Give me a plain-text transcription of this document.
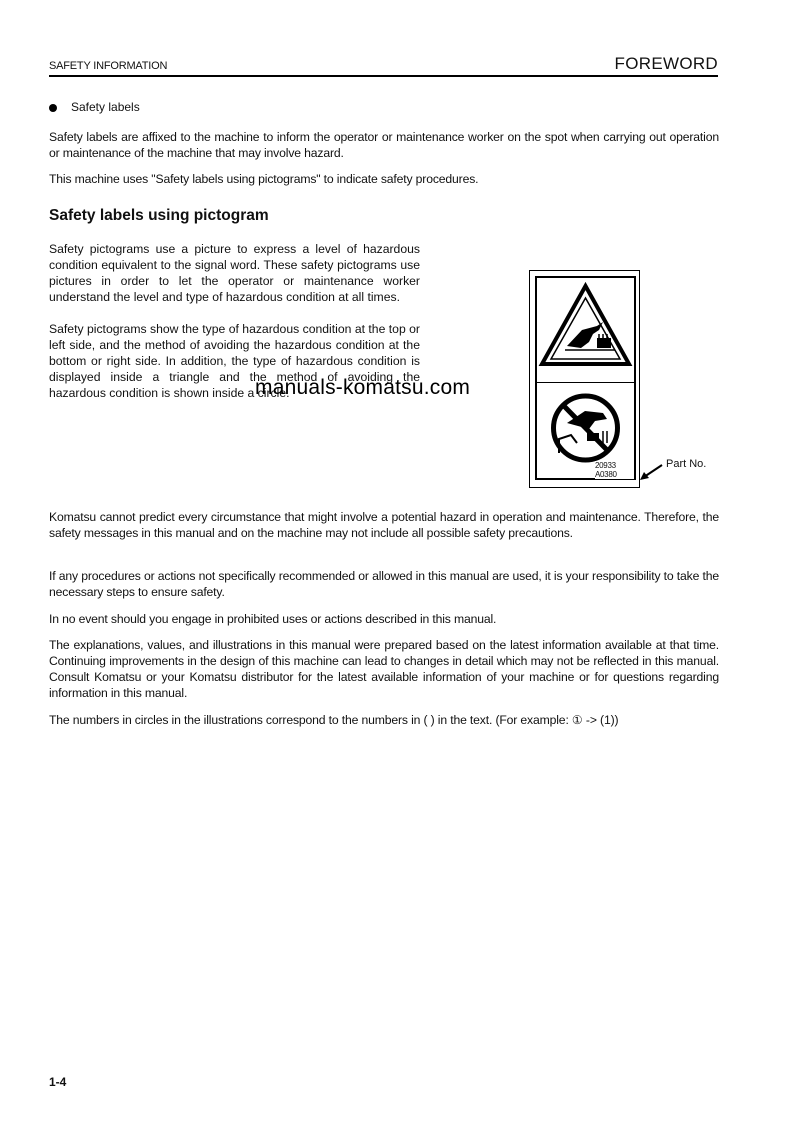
SAFETY INFORMATION	FOREWORD
Safety labels
Safety labels are affixed to the machine to inform the operator or maintenance worker on the spot when carrying out operation or maintenance of the machine that may involve hazard.
This machine uses "Safety labels using pictograms" to indicate safety procedures.
Safety labels using pictogram
Safety pictograms use a picture to express a level of hazardous condition equivalent to the signal word. These safety pictograms use pictures in order to let the operator or maintenance worker understand the level and type of hazardous condition at all times.
Safety pictograms show the type of hazardous condition at the top or left side, and the method of avoiding the hazardous condition at the bottom or right side. In addition, the type of hazardous condition is displayed inside a triangle and the method of avoiding the hazardous condition is shown inside a circle.
20933 A0380
Part No.
manuals-komatsu.com
Komatsu cannot predict every circumstance that might involve a potential hazard in operation and maintenance. Therefore, the safety messages in this manual and on the machine may not include all possible safety precautions.
If any procedures or actions not specifically recommended or allowed in this manual are used, it is your responsibility to take the necessary steps to ensure safety.
In no event should you engage in prohibited uses or actions described in this manual.
The explanations, values, and illustrations in this manual were prepared based on the latest information available at that time. Continuing improvements in the design of this machine can lead to changes in detail which may not be reflected in this manual. Consult Komatsu or your Komatsu distributor for the latest available information of your machine or for questions regarding information in this manual.
The numbers in circles in the illustrations correspond to the numbers in ( ) in the text. (For example: ① -> (1))
1-4
